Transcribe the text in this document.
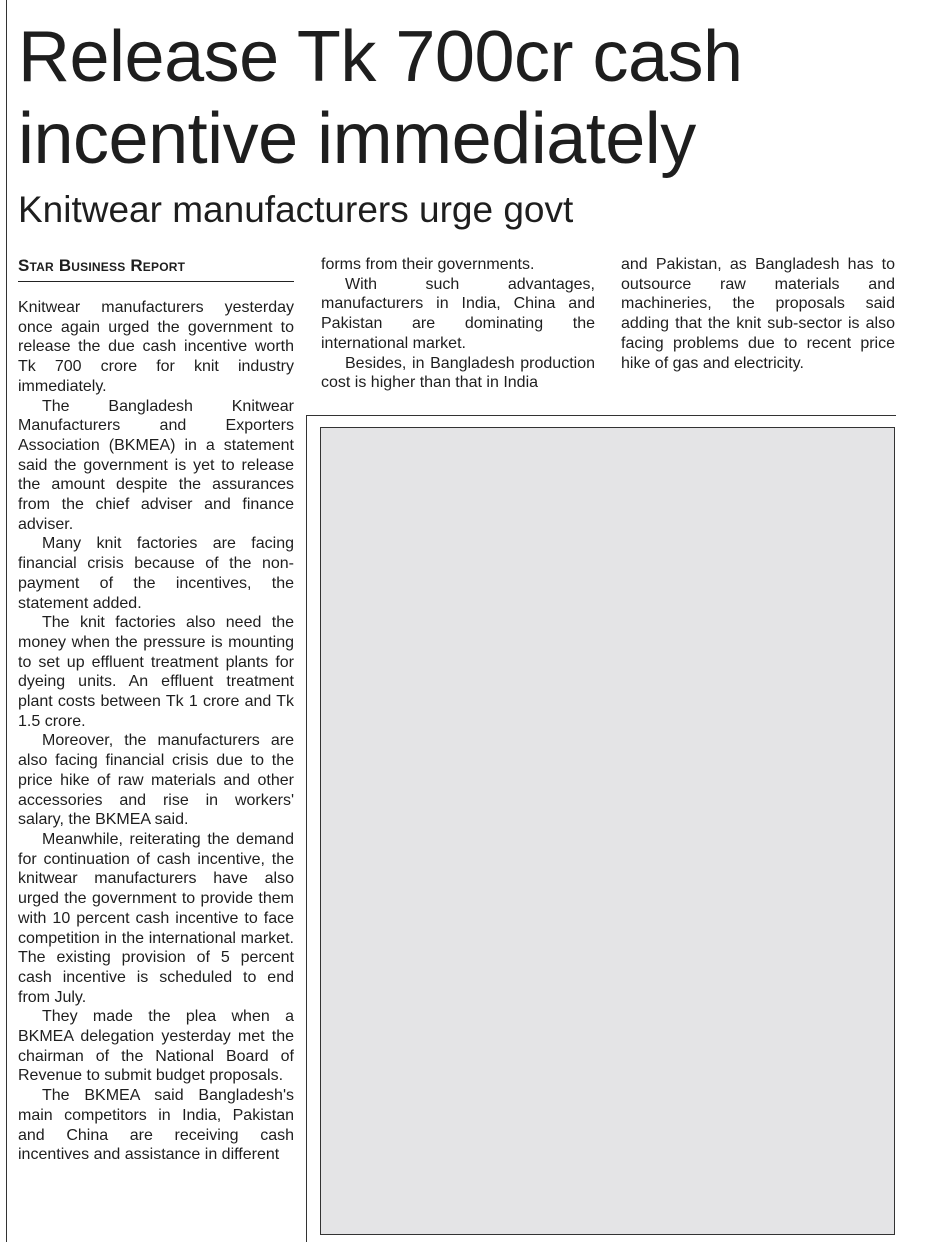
Release Tk 700cr cash incentive immediately
Knitwear manufacturers urge govt
Star Business Report

Knitwear manufacturers yesterday once again urged the government to release the due cash incentive worth Tk 700 crore for knit industry immediately.

The Bangladesh Knitwear Manufacturers and Exporters Association (BKMEA) in a statement said the government is yet to release the amount despite the assurances from the chief adviser and finance adviser.

Many knit factories are facing financial crisis because of the non-payment of the incentives, the statement added.

The knit factories also need the money when the pressure is mounting to set up effluent treatment plants for dyeing units. An effluent treatment plant costs between Tk 1 crore and Tk 1.5 crore.

Moreover, the manufacturers are also facing financial crisis due to the price hike of raw materials and other accessories and rise in workers' salary, the BKMEA said.

Meanwhile, reiterating the demand for continuation of cash incentive, the knitwear manufacturers have also urged the government to provide them with 10 percent cash incentive to face competition in the international market. The existing provision of 5 percent cash incentive is scheduled to end from July.

They made the plea when a BKMEA delegation yesterday met the chairman of the National Board of Revenue to submit budget proposals.

The BKMEA said Bangladesh's main competitors in India, Pakistan and China are receiving cash incentives and assistance in different

forms from their governments.

With such advantages, manufacturers in India, China and Pakistan are dominating the international market.

Besides, in Bangladesh production cost is higher than that in India

and Pakistan, as Bangladesh has to outsource raw materials and machineries, the proposals said adding that the knit sub-sector is also facing problems due to recent price hike of gas and electricity.
